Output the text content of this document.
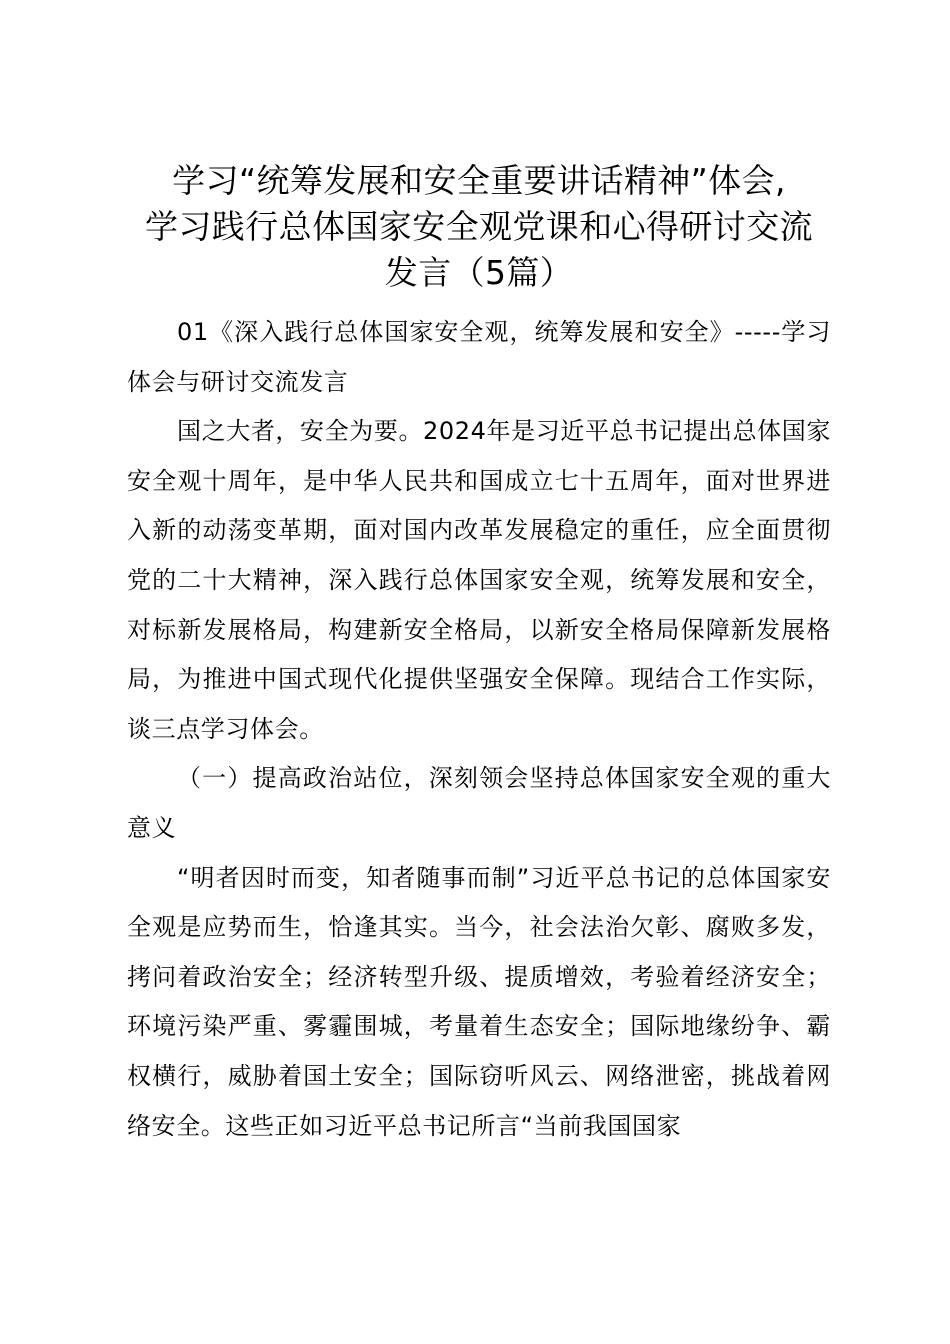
学习“统筹发展和安全重要讲话精神”体会,
学习践行总体国家安全观党课和心得研讨交流
发言（5篇）

01《深入践行总体国家安全观，统筹发展和安全》-----学习体会与研讨交流发言

国之大者，安全为要。2024年是习近平总书记提出总体国家安全观十周年，是中华人民共和国成立七十五周年，面对世界进入新的动荡变革期，面对国内改革发展稳定的重任，应全面贯彻党的二十大精神，深入践行总体国家安全观，统筹发展和安全，对标新发展格局，构建新安全格局，以新安全格局保障新发展格局，为推进中国式现代化提供坚强安全保障。现结合工作实际，谈三点学习体会。

（一）提高政治站位，深刻领会坚持总体国家安全观的重大意义

“明者因时而变，知者随事而制”习近平总书记的总体国家安全观是应势而生，恰逢其实。当今，社会法治欠彰、腐败多发，拷问着政治安全；经济转型升级、提质增效，考验着经济安全；环境污染严重、雾霾围城，考量着生态安全；国际地缘纷争、霸权横行，威胁着国土安全；国际窃听风云、网络泄密，挑战着网络安全。这些正如习近平总书记所言“当前我国国家
